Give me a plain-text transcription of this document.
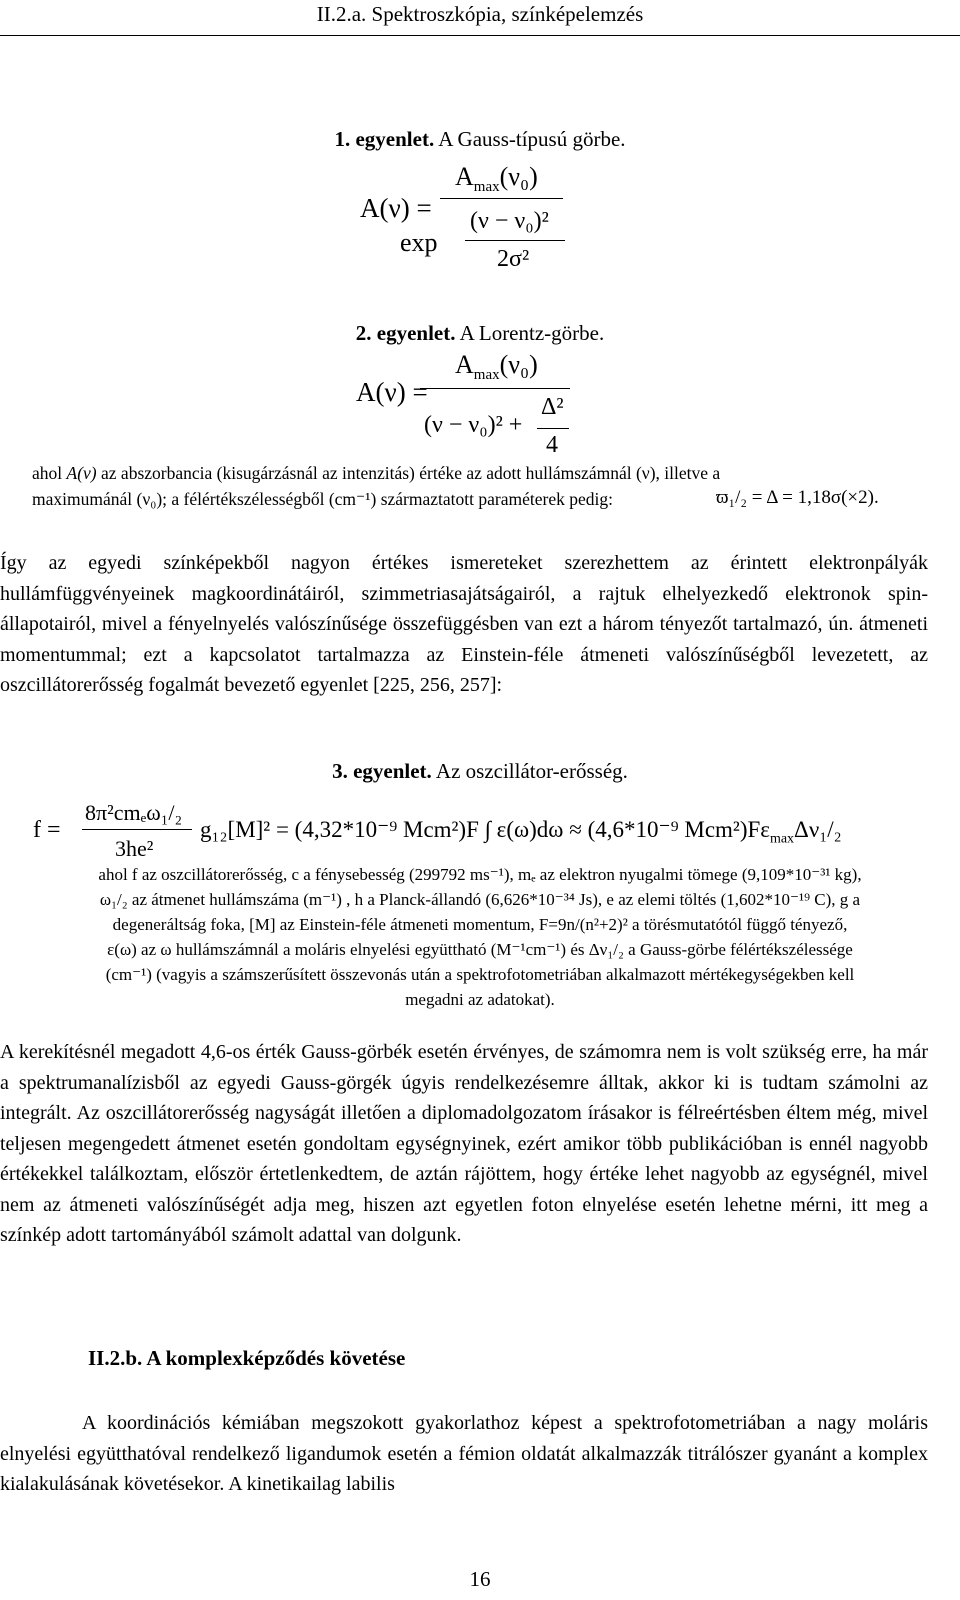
II.2.a. Spektroszkópia, színképelemzés
1. egyenlet. A Gauss-típusú görbe.
A(ν) =
$A_{max}(\nu_0)$
exp
(ν − ν₀)²
2σ²
2. egyenlet. A Lorentz-görbe.
A(ν) =
$A_{max}(\nu_0)$
(ν − ν₀)² +
Δ²
4
ahol A(ν) az abszorbancia (kisugárzásnál az intenzitás) értéke az adott hullámszámnál (ν), illetve a
maximumánál (ν₀); a félértékszélességből (cm⁻¹) származtatott paraméterek pedig:	ϖ₁/₂ = Δ = 1,18σ(×2).
Így az egyedi színképekből nagyon értékes ismereteket szerezhettem az érintett elektronpályák hullámfüggvényeinek magkoordinátáiról, szimmetriasajátságairól, a rajtuk elhelyezkedő elektronok spin-állapotairól, mivel a fényelnyelés valószínűsége összefüggésben van ezt a három tényezőt tartalmazó, ún. átmeneti momentummal; ezt a kapcsolatot tartalmazza az Einstein-féle átmeneti valószínűségből levezetett, az oszcillátorerősség fogalmát bevezető egyenlet [225, 256, 257]:
3. egyenlet. Az oszcillátor-erősség.
f =
8π²cmₑω₁/₂
3he²
g₁₂[M]² = (4,32*10⁻⁹ Mcm²)F ∫ ε(ω)dω ≈ (4,6*10⁻⁹ $Mcm^2)F\varepsilon_{max}\Delta\nu_1/_2$
ahol f az oszcillátorerősség, c a fénysebesség (299792 ms⁻¹), mₑ az elektron nyugalmi tömege (9,109*10⁻³¹ kg),
ω₁/₂ az átmenet hullámszáma (m⁻¹) , h a Planck-állandó (6,626*10⁻³⁴ Js), e az elemi töltés (1,602*10⁻¹⁹ C), g a
degeneráltság foka, [M] az Einstein-féle átmeneti momentum, F=9n/(n²+2)² a törésmutatótól függő tényező,
ε(ω) az ω hullámszámnál a moláris elnyelési együttható (M⁻¹cm⁻¹) és Δν₁/₂ a Gauss-görbe félértékszélessége
(cm⁻¹) (vagyis a számszerűsített összevonás után a spektrofotometriában alkalmazott mértékegységekben kell
megadni az adatokat).
A kerekítésnél megadott 4,6-os érték Gauss-görbék esetén érvényes, de számomra nem is volt szükség erre, ha már a spektrumanalízisből az egyedi Gauss-görgék úgyis rendelkezésemre álltak, akkor ki is tudtam számolni az integrált. Az oszcillátorerősség nagyságát illetően a diplomadolgozatom írásakor is félreértésben éltem még, mivel teljesen megengedett átmenet esetén gondoltam egységnyinek, ezért amikor több publikációban is ennél nagyobb értékekkel találkoztam, először értetlenkedtem, de aztán rájöttem, hogy értéke lehet nagyobb az egységnél, mivel nem az átmeneti valószínűségét adja meg, hiszen azt egyetlen foton elnyelése esetén lehetne mérni, itt meg a színkép adott tartományából számolt adattal van dolgunk.
II.2.b. A komplexképződés követése
A koordinációs kémiában megszokott gyakorlathoz képest a spektrofotometriában a nagy moláris elnyelési együtthatóval rendelkező ligandumok esetén a fémion oldatát alkalmazzák titrálószer gyanánt a komplex kialakulásának követésekor. A kinetikailag labilis
16
